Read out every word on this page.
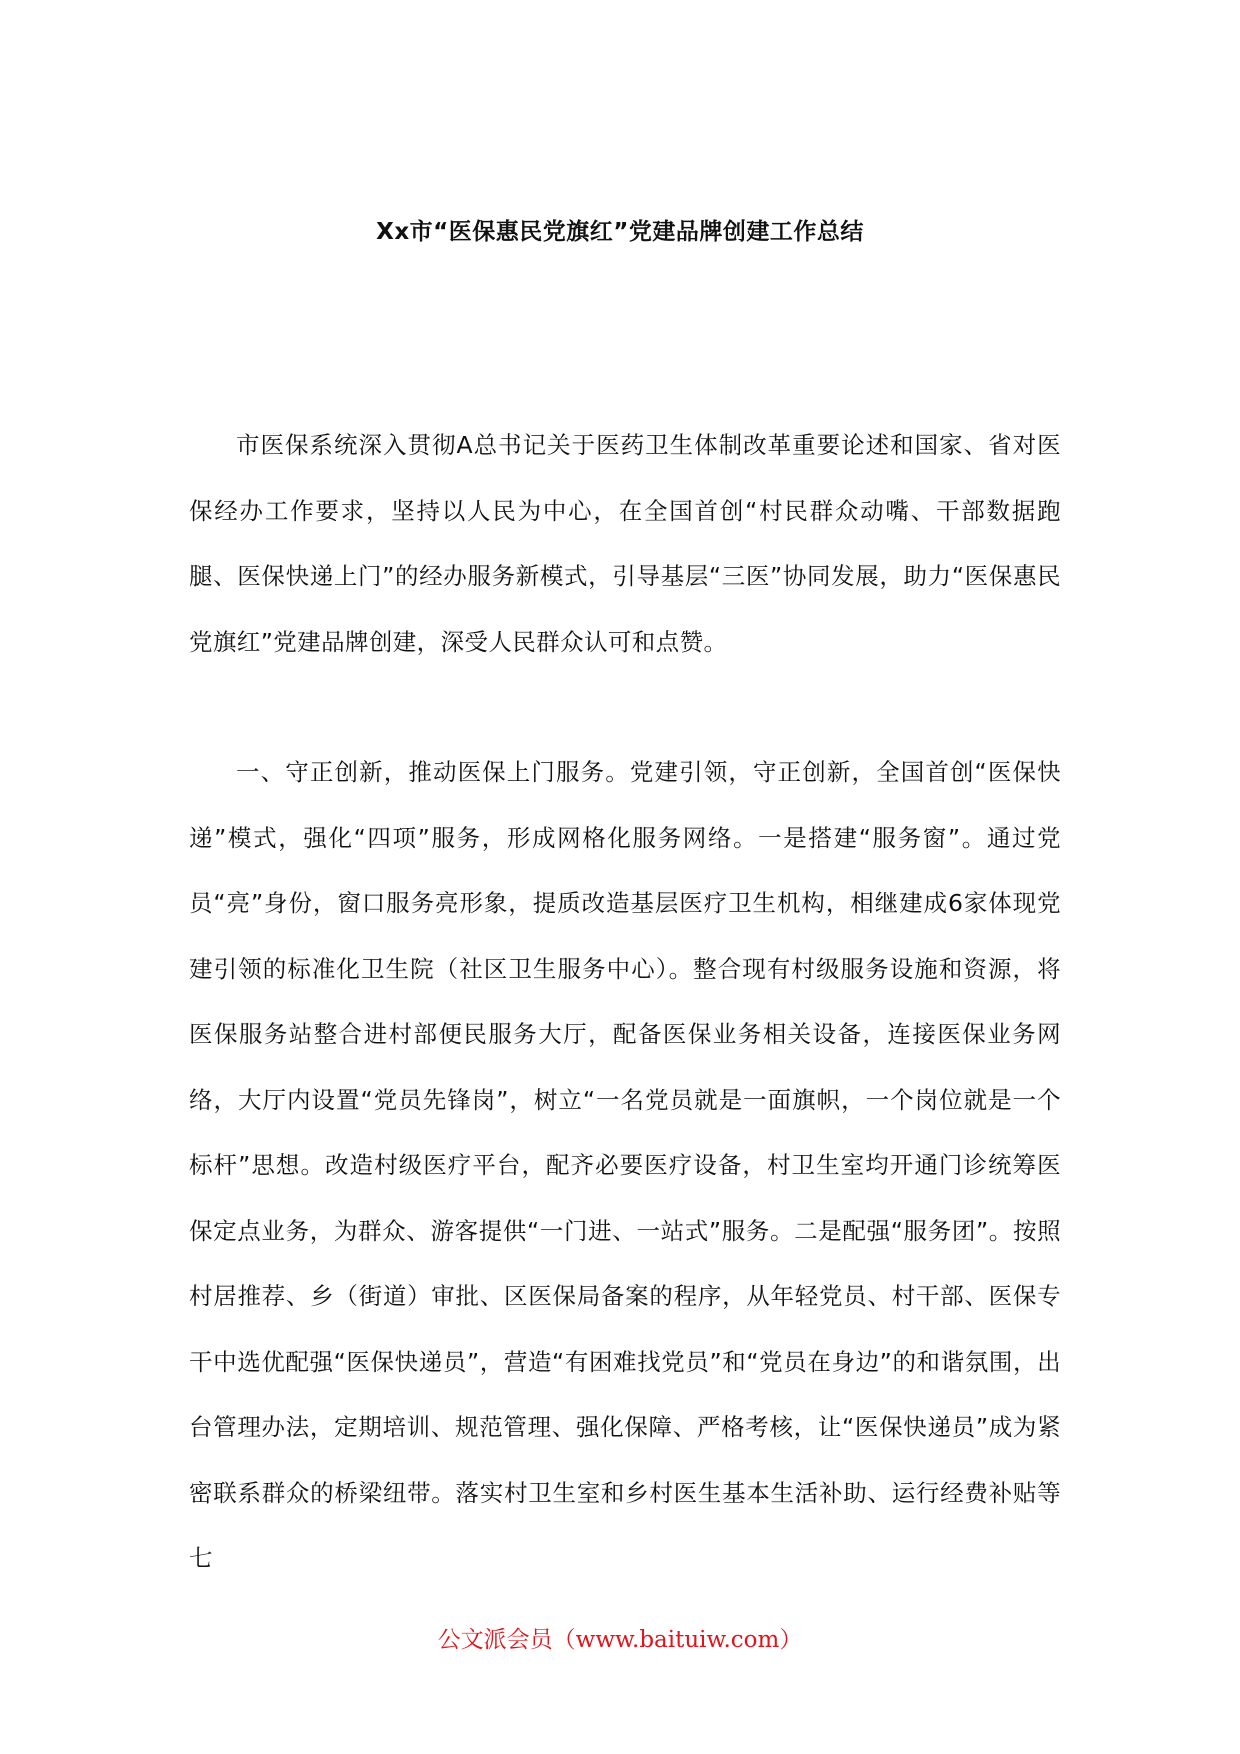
Xx市“医保惠民党旗红”党建品牌创建工作总结

市医保系统深入贯彻A总书记关于医药卫生体制改革重要论述和国家、省对医保经办工作要求，坚持以人民为中心，在全国首创“村民群众动嘴、干部数据跑腿、医保快递上门”的经办服务新模式，引导基层“三医”协同发展，助力“医保惠民党旗红”党建品牌创建，深受人民群众认可和点赞。

一、守正创新，推动医保上门服务。党建引领，守正创新，全国首创“医保快递”模式，强化“四项”服务，形成网格化服务网络。一是搭建“服务窗”。通过党员“亮”身份，窗口服务亮形象，提质改造基层医疗卫生机构，相继建成6家体现党建引领的标准化卫生院（社区卫生服务中心）。整合现有村级服务设施和资源，将医保服务站整合进村部便民服务大厅，配备医保业务相关设备，连接医保业务网络，大厅内设置“党员先锋岗”，树立“一名党员就是一面旗帜，一个岗位就是一个标杆”思想。改造村级医疗平台，配齐必要医疗设备，村卫生室均开通门诊统筹医保定点业务，为群众、游客提供“一门进、一站式”服务。二是配强“服务团”。按照村居推荐、乡（街道）审批、区医保局备案的程序，从年轻党员、村干部、医保专干中选优配强“医保快递员”，营造“有困难找党员”和“党员在身边”的和谐氛围，出台管理办法，定期培训、规范管理、强化保障、严格考核，让“医保快递员”成为紧密联系群众的桥梁纽带。落实村卫生室和乡村医生基本生活补助、运行经费补贴等七

公文派会员（www.baituiw.com）
